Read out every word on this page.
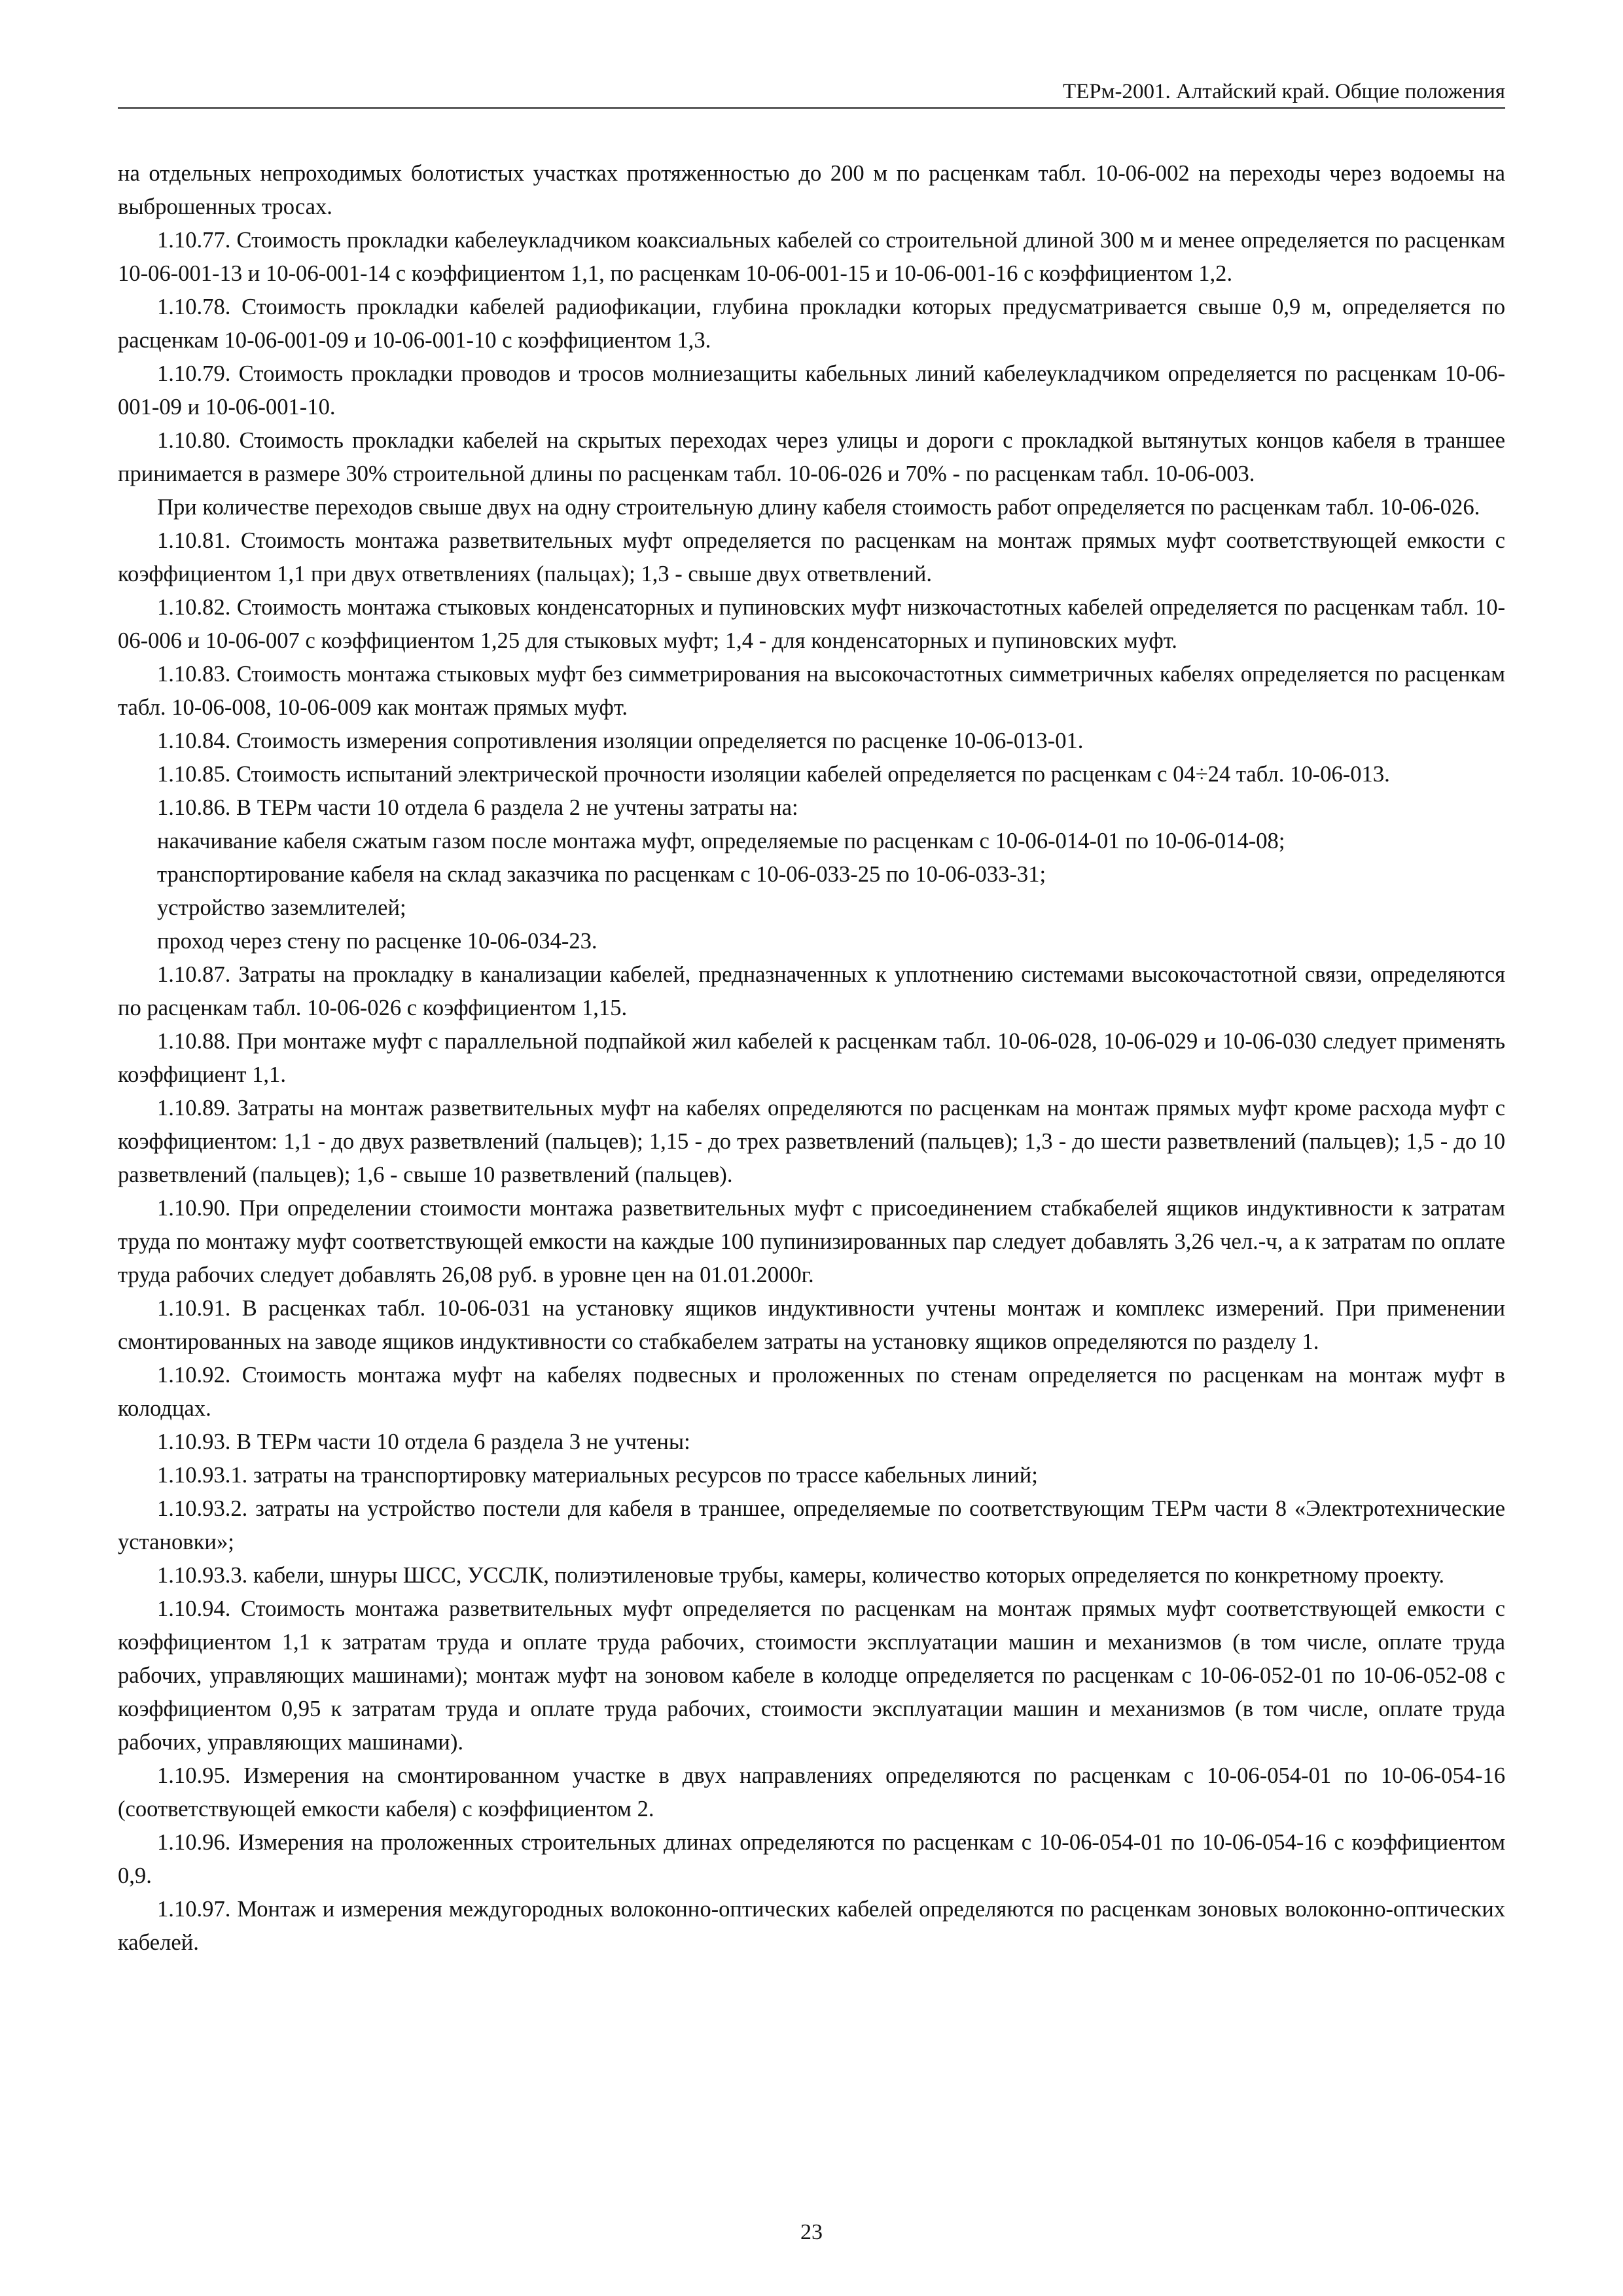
ТЕРм-2001. Алтайский край. Общие положения

на отдельных непроходимых болотистых участках протяженностью до 200 м по расценкам табл. 10-06-002 на переходы через водоемы на выброшенных тросах.

1.10.77. Стоимость прокладки кабелеукладчиком коаксиальных кабелей со строительной длиной 300 м и менее определяется по расценкам 10-06-001-13 и 10-06-001-14 с коэффициентом 1,1, по расценкам 10-06-001-15 и 10-06-001-16 с коэффициентом 1,2.

1.10.78. Стоимость прокладки кабелей радиофикации, глубина прокладки которых предусматривается свыше 0,9 м, определяется по расценкам 10-06-001-09 и 10-06-001-10 с коэффициентом 1,3.

1.10.79. Стоимость прокладки проводов и тросов молниезащиты кабельных линий кабелеукладчиком определяется по расценкам 10-06-001-09 и 10-06-001-10.

1.10.80. Стоимость прокладки кабелей на скрытых переходах через улицы и дороги с прокладкой вытянутых концов кабеля в траншее принимается в размере 30% строительной длины по расценкам табл. 10-06-026 и 70% - по расценкам табл. 10-06-003.

При количестве переходов свыше двух на одну строительную длину кабеля стоимость работ определяется по расценкам табл. 10-06-026.

1.10.81. Стоимость монтажа разветвительных муфт определяется по расценкам на монтаж прямых муфт соответствующей емкости с коэффициентом 1,1 при двух ответвлениях (пальцах); 1,3 - свыше двух ответвлений.

1.10.82. Стоимость монтажа стыковых конденсаторных и пупиновских муфт низкочастотных кабелей определяется по расценкам табл. 10-06-006 и 10-06-007 с коэффициентом 1,25 для стыковых муфт; 1,4 - для конденсаторных и пупиновских муфт.

1.10.83. Стоимость монтажа стыковых муфт без симметрирования на высокочастотных симметричных кабелях определяется по расценкам табл. 10-06-008, 10-06-009 как монтаж прямых муфт.

1.10.84. Стоимость измерения сопротивления изоляции определяется по расценке 10-06-013-01.

1.10.85. Стоимость испытаний электрической прочности изоляции кабелей определяется по расценкам с 04÷24 табл. 10-06-013.

1.10.86. В ТЕРм части 10 отдела 6 раздела 2 не учтены затраты на:

накачивание кабеля сжатым газом после монтажа муфт, определяемые по расценкам с 10-06-014-01 по 10-06-014-08;

транспортирование кабеля на склад заказчика по расценкам с 10-06-033-25 по 10-06-033-31;

устройство заземлителей;

проход через стену по расценке 10-06-034-23.

1.10.87. Затраты на прокладку в канализации кабелей, предназначенных к уплотнению системами высокочастотной связи, определяются по расценкам табл. 10-06-026 с коэффициентом 1,15.

1.10.88. При монтаже муфт с параллельной подпайкой жил кабелей к расценкам табл. 10-06-028, 10-06-029 и 10-06-030 следует применять коэффициент 1,1.

1.10.89. Затраты на монтаж разветвительных муфт на кабелях определяются по расценкам на монтаж прямых муфт кроме расхода муфт с коэффициентом: 1,1 - до двух разветвлений (пальцев); 1,15 - до трех разветвлений (пальцев); 1,3 - до шести разветвлений (пальцев); 1,5 - до 10 разветвлений (пальцев); 1,6 - свыше 10 разветвлений (пальцев).

1.10.90. При определении стоимости монтажа разветвительных муфт с присоединением стабкабелей ящиков индуктивности к затратам труда по монтажу муфт соответствующей емкости на каждые 100 пупинизированных пар следует добавлять 3,26 чел.-ч, а к затратам по оплате труда рабочих следует добавлять 26,08 руб. в уровне цен на 01.01.2000г.

1.10.91. В расценках табл. 10-06-031 на установку ящиков индуктивности учтены монтаж и комплекс измерений. При применении смонтированных на заводе ящиков индуктивности со стабкабелем затраты на установку ящиков определяются по разделу 1.

1.10.92. Стоимость монтажа муфт на кабелях подвесных и проложенных по стенам определяется по расценкам на монтаж муфт в колодцах.

1.10.93. В ТЕРм части 10 отдела 6 раздела 3 не учтены:

1.10.93.1. затраты на транспортировку материальных ресурсов по трассе кабельных линий;

1.10.93.2. затраты на устройство постели для кабеля в траншее, определяемые по соответствующим ТЕРм части 8 «Электротехнические установки»;

1.10.93.3. кабели, шнуры ШСС, УССЛК, полиэтиленовые трубы, камеры, количество которых определяется по конкретному проекту.

1.10.94. Стоимость монтажа разветвительных муфт определяется по расценкам на монтаж прямых муфт соответствующей емкости с коэффициентом 1,1 к затратам труда и оплате труда рабочих, стоимости эксплуатации машин и механизмов (в том числе, оплате труда рабочих, управляющих машинами); монтаж муфт на зоновом кабеле в колодце определяется по расценкам с 10-06-052-01 по 10-06-052-08 с коэффициентом 0,95 к затратам труда и оплате труда рабочих, стоимости эксплуатации машин и механизмов (в том числе, оплате труда рабочих, управляющих машинами).

1.10.95. Измерения на смонтированном участке в двух направлениях определяются по расценкам с 10-06-054-01 по 10-06-054-16 (соответствующей емкости кабеля) с коэффициентом 2.

1.10.96. Измерения на проложенных строительных длинах определяются по расценкам с 10-06-054-01 по 10-06-054-16 с коэффициентом 0,9.

1.10.97. Монтаж и измерения междугородных волоконно-оптических кабелей определяются по расценкам зоновых волоконно-оптических кабелей.

23
